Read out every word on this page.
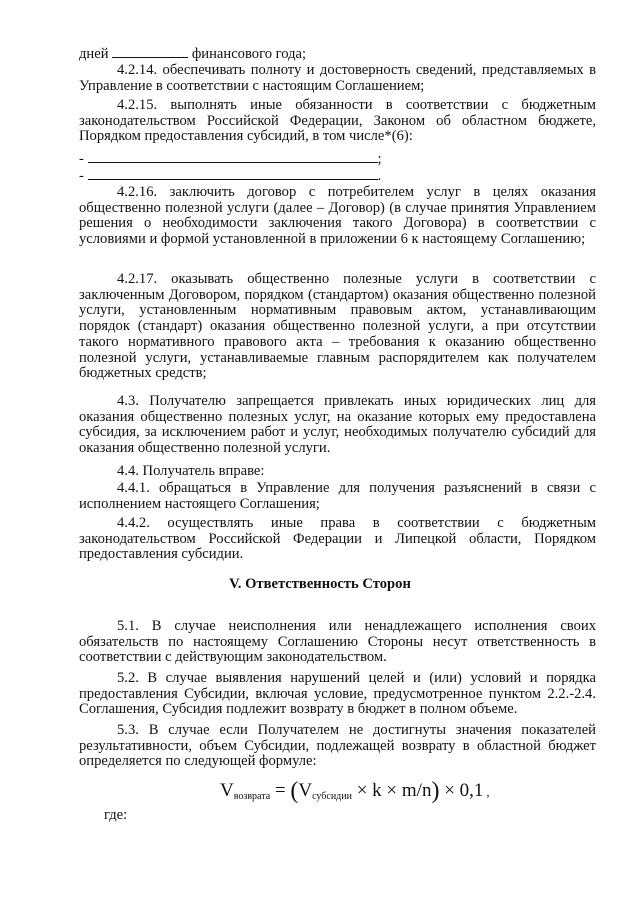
дней	финансового года;

4.2.14. обеспечивать полноту и достоверность сведений, представляемых в Управление в соответствии с настоящим Соглашением;

4.2.15. выполнять иные обязанности в соответствии с бюджетным законодательством Российской Федерации, Законом об областном бюджете, Порядком предоставления субсидий, в том числе*(6):

-	;

-	.

4.2.16. заключить договор с потребителем услуг в целях оказания общественно полезной услуги (далее – Договор) (в случае принятия Управлением решения о необходимости заключения такого Договора) в соответствии с условиями и формой установленной в приложении 6 к настоящему Соглашению;

4.2.17. оказывать общественно полезные услуги в соответствии с заключенным Договором, порядком (стандартом) оказания общественно полезной услуги, установленным нормативным правовым актом, устанавливающим порядок (стандарт) оказания общественно полезной услуги, а при отсутствии такого нормативного правового акта – требования к оказанию общественно полезной услуги, устанавливаемые главным распорядителем как получателем бюджетных средств;

4.3. Получателю запрещается привлекать иных юридических лиц для оказания общественно полезных услуг, на оказание которых ему предоставлена субсидия, за исключением работ и услуг, необходимых получателю субсидий для оказания общественно полезной услуги.

4.4. Получатель вправе:

4.4.1. обращаться в Управление для получения разъяснений в связи с исполнением настоящего Соглашения;

4.4.2. осуществлять иные права в соответствии с бюджетным законодательством Российской Федерации и Липецкой области, Порядком предоставления субсидии.

V. Ответственность Сторон

5.1. В случае неисполнения или ненадлежащего исполнения своих обязательств по настоящему Соглашению Стороны несут ответственность в соответствии с действующим законодательством.

5.2. В случае выявления нарушений целей и (или) условий и порядка предоставления Субсидии, включая условие, предусмотренное пунктом 2.2.-2.4. Соглашения, Субсидия подлежит возврату в бюджет в полном объеме.

5.3. В случае если Получателем не достигнуты значения показателей результативности, объем Субсидии, подлежащей возврату в областной бюджет определяется по следующей формуле:

$V_{возврата} = (V_{субсидии} \times k \times m/n) \times 0,1$ ,

где:
